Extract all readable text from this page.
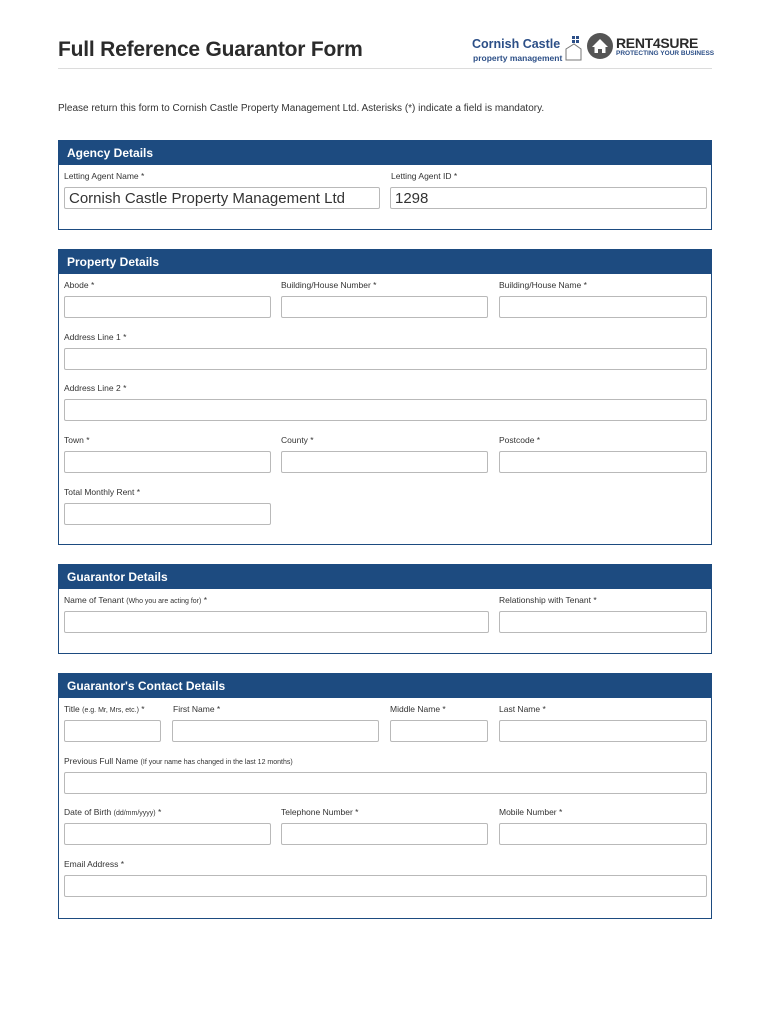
Full Reference Guarantor Form	Cornish Castle
property management
RENT4SURE
PROTECTING YOUR BUSINESS
Please return this form to Cornish Castle Property Management Ltd. Asterisks (*) indicate a field is mandatory.
Agency Details
Letting Agent Name *	Letting Agent ID *
Cornish Castle Property Management Ltd
1298
Property Details
Abode *	Building/House Number *	Building/House Name *
Address Line 1 *
Address Line 2 *
Town *	County *	Postcode *
Total Monthly Rent *
Guarantor Details
Name of Tenant (Who you are acting for) *	Relationship with Tenant *
Guarantor's Contact Details
Title (e.g. Mr, Mrs, etc.) *	First Name *	Middle Name *	Last Name *
Previous Full Name (If your name has changed in the last 12 months)
Date of Birth (dd/mm/yyyy) *	Telephone Number *	Mobile Number *
Email Address *
